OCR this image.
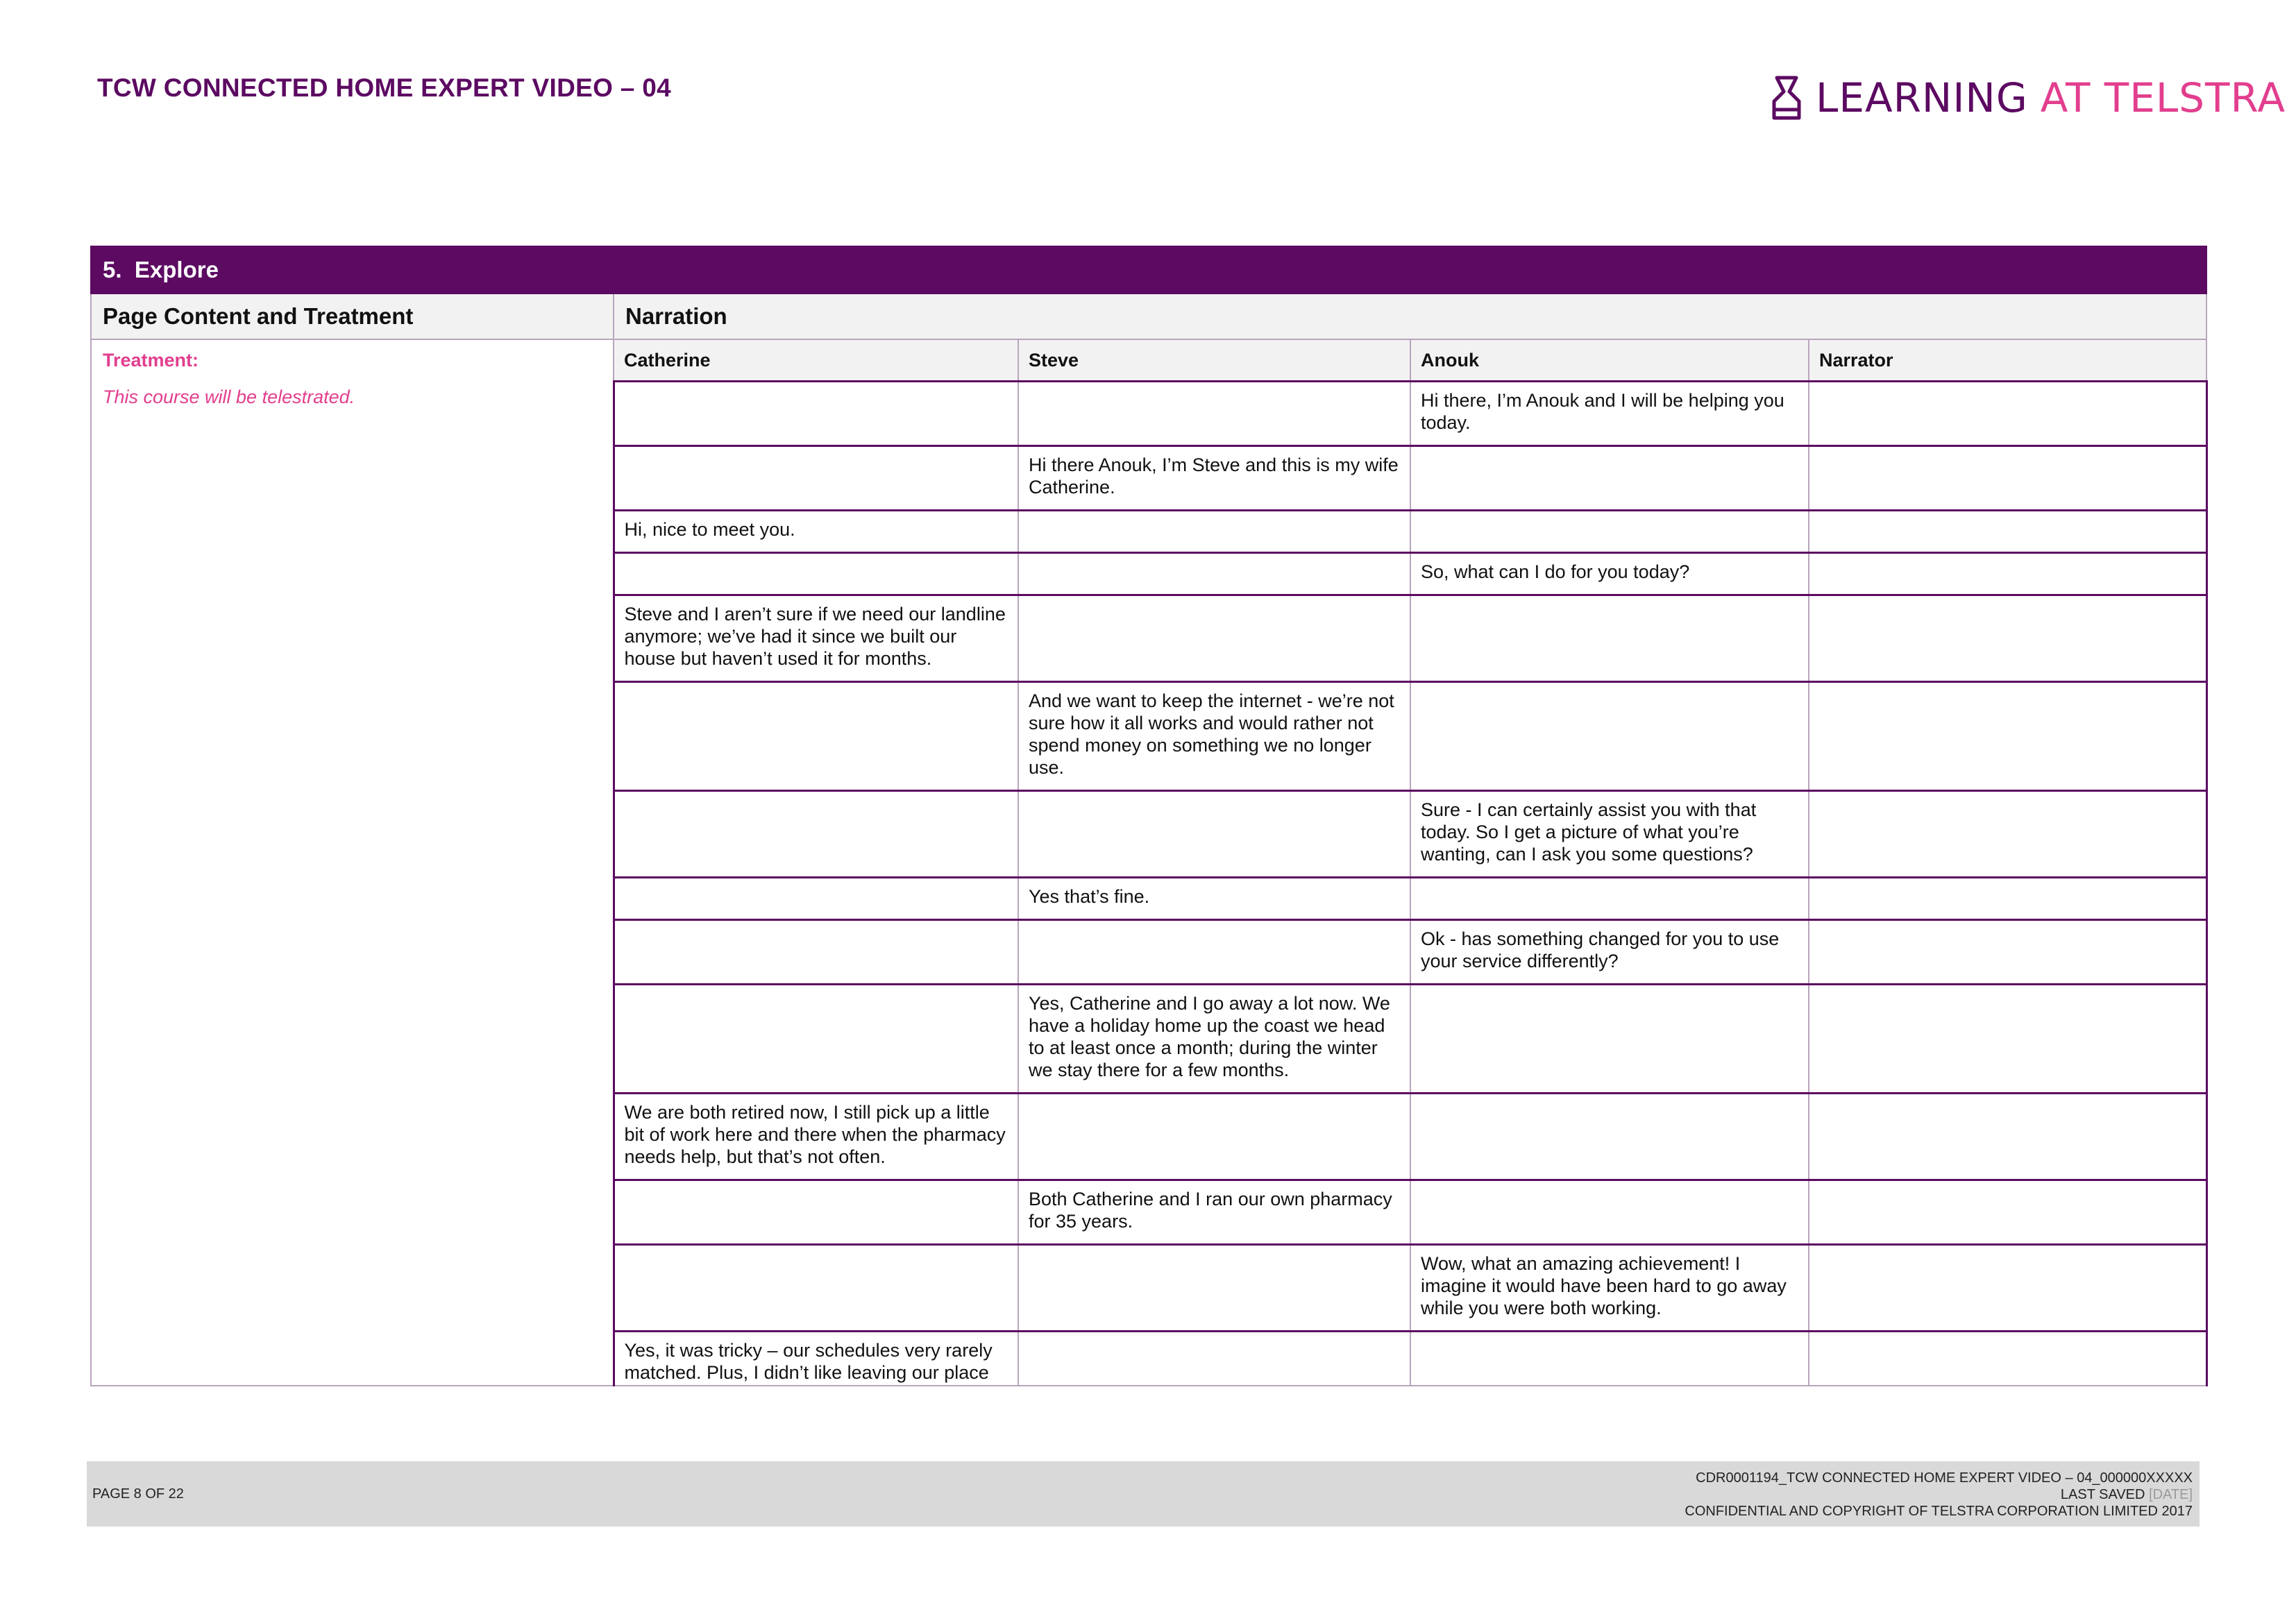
TCW CONNECTED HOME EXPERT VIDEO – 04	LEARNING AT TELSTRA
5. Explore				
Page Content and Treatment	Narration			
Treatment:
This course will be telestrated.	Catherine	Steve	Anouk	Narrator
			Hi there, I’m Anouk and I will be helping you today.	
		Hi there Anouk, I’m Steve and this is my wife Catherine.		
	Hi, nice to meet you.			
			So, what can I do for you today?	
	Steve and I aren’t sure if we need our landline anymore; we’ve had it since we built our house but haven’t used it for months.			
		And we want to keep the internet - we’re not sure how it all works and would rather not spend money on something we no longer use.		
			Sure - I can certainly assist you with that today. So I get a picture of what you’re wanting, can I ask you some questions?	
		Yes that’s fine.		
			Ok - has something changed for you to use your service differently?	
		Yes, Catherine and I go away a lot now. We have a holiday home up the coast we head to at least once a month; during the winter we stay there for a few months.		
	We are both retired now, I still pick up a little bit of work here and there when the pharmacy needs help, but that’s not often.			
		Both Catherine and I ran our own pharmacy for 35 years.		
			Wow, what an amazing achievement! I imagine it would have been hard to go away while you were both working.	

	Yes, it was tricky – our schedules very rarely matched. Plus, I didn’t like leaving our place			

PAGE 8 OF 22
CDR0001194_TCW CONNECTED HOME EXPERT VIDEO – 04_000000XXXXX
LAST SAVED [DATE]
CONFIDENTIAL AND COPYRIGHT OF TELSTRA CORPORATION LIMITED 2017
